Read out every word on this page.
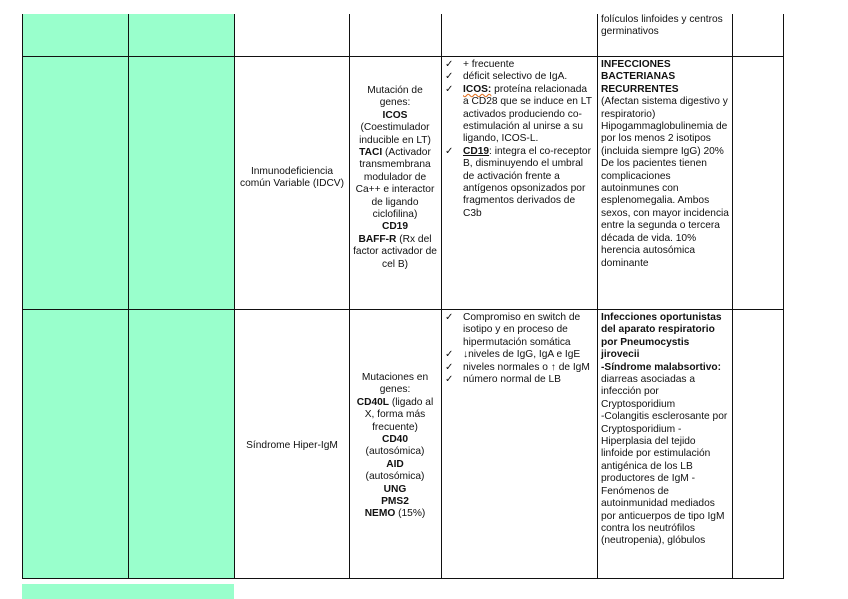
folículos linfoides y centros germinativos
Inmunodeficiencia común Variable (IDCV)
Mutación de genes:
ICOS
(Coestimulador inducible en LT)
TACI (Activador transmembrana modulador de Ca++ e interactor de ligando ciclofilina)
CD19
BAFF-R (Rx del factor activador de cel B)
✓ + frecuente
✓ déficit selectivo de IgA.
✓ ICOS: proteína relacionada a CD28 que se induce en LT activados produciendo co-estimulación al unirse a su ligando, ICOS-L.
✓ CD19: integra el co-receptor B, disminuyendo el umbral de activación frente a antígenos opsonizados por fragmentos derivados de C3b
INFECCIONES BACTERIANAS RECURRENTES
(Afectan sistema digestivo y respiratorio) Hipogammaglobulinemia de por los menos 2 isotipos (incluida siempre IgG) 20% De los pacientes tienen complicaciones autoinmunes con esplenomegalia. Ambos sexos, con mayor incidencia entre la segunda o tercera década de vida. 10% herencia autosómica dominante
Síndrome Hiper-IgM
Mutaciones en genes:
CD40L (ligado al X, forma más frecuente)
CD40
(autosómica)
AID
(autosómica)
UNG
PMS2
NEMO (15%)
✓ Compromiso en switch de isotipo y en proceso de hipermutación somática
✓ ↓niveles de IgG, IgA e IgE
✓ niveles normales o ↑ de IgM
✓ número normal de LB
Infecciones oportunistas del aparato respiratorio por Pneumocystis jirovecii
-Síndrome malabsortivo: diarreas asociadas a infección por Cryptosporidium
-Colangitis esclerosante por Cryptosporidium -Hiperplasia del tejido linfoide por estimulación antigénica de los LB productores de IgM -Fenómenos de autoinmunidad mediados por anticuerpos de tipo IgM contra los neutrófilos (neutropenia), glóbulos
